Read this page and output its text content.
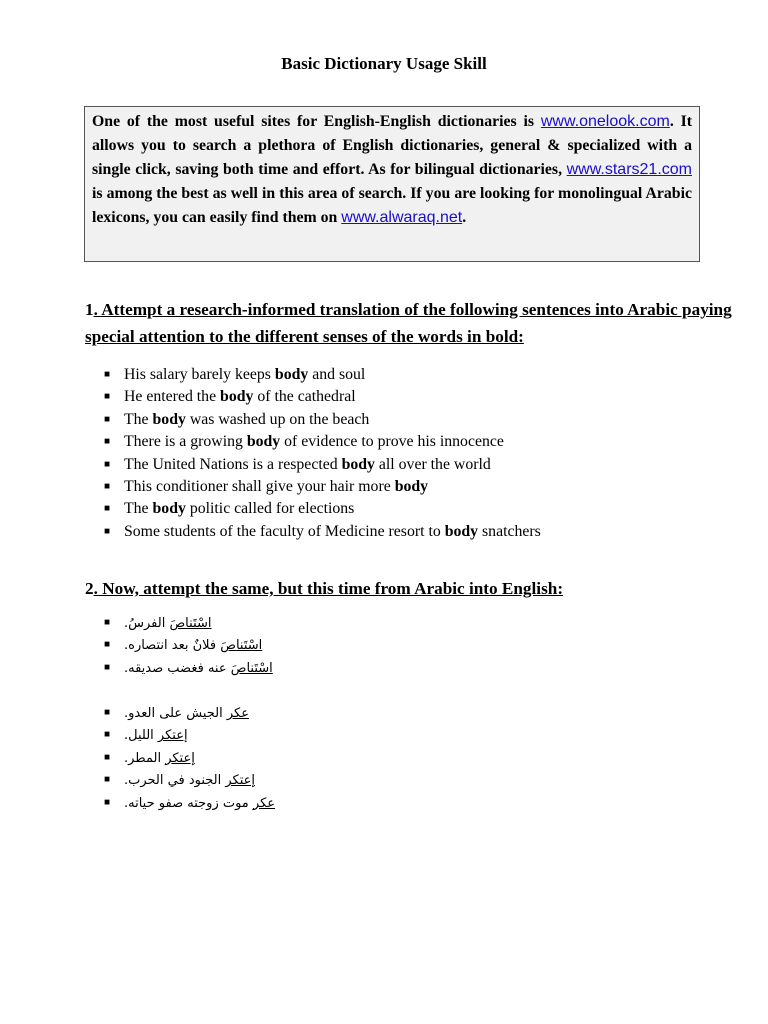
Basic Dictionary Usage Skill
One of the most useful sites for English-English dictionaries is www.onelook.com. It allows you to search a plethora of English dictionaries, general & specialized with a single click, saving both time and effort. As for bilingual dictionaries, www.stars21.com is among the best as well in this area of search. If you are looking for monolingual Arabic lexicons, you can easily find them on www.alwaraq.net.
1. Attempt a research-informed translation of the following sentences into Arabic paying special attention to the different senses of the words in bold:
■ His salary barely keeps body and soul
■ He entered the body of the cathedral
■ The body was washed up on the beach
■ There is a growing body of evidence to prove his innocence
■ The United Nations is a respected body all over the world
■ This conditioner shall give your hair more body
■ The body politic called for elections
■ Some students of the faculty of Medicine resort to body snatchers
2. Now, attempt the same, but this time from Arabic into English:
■	اسْتَناصَ الفرسُ.
■	اسْتَناصَ فلانٌ بعد انتصاره.
■	اسْتَناصَ عنه فغضب صديقه.
■	عكر الجيش على العدو.
■	إعتكر الليل.
■	إعتكر المطر.
■	إعتكر الجنود في الحرب.
■	عكر موت زوجته صفو حياته.
